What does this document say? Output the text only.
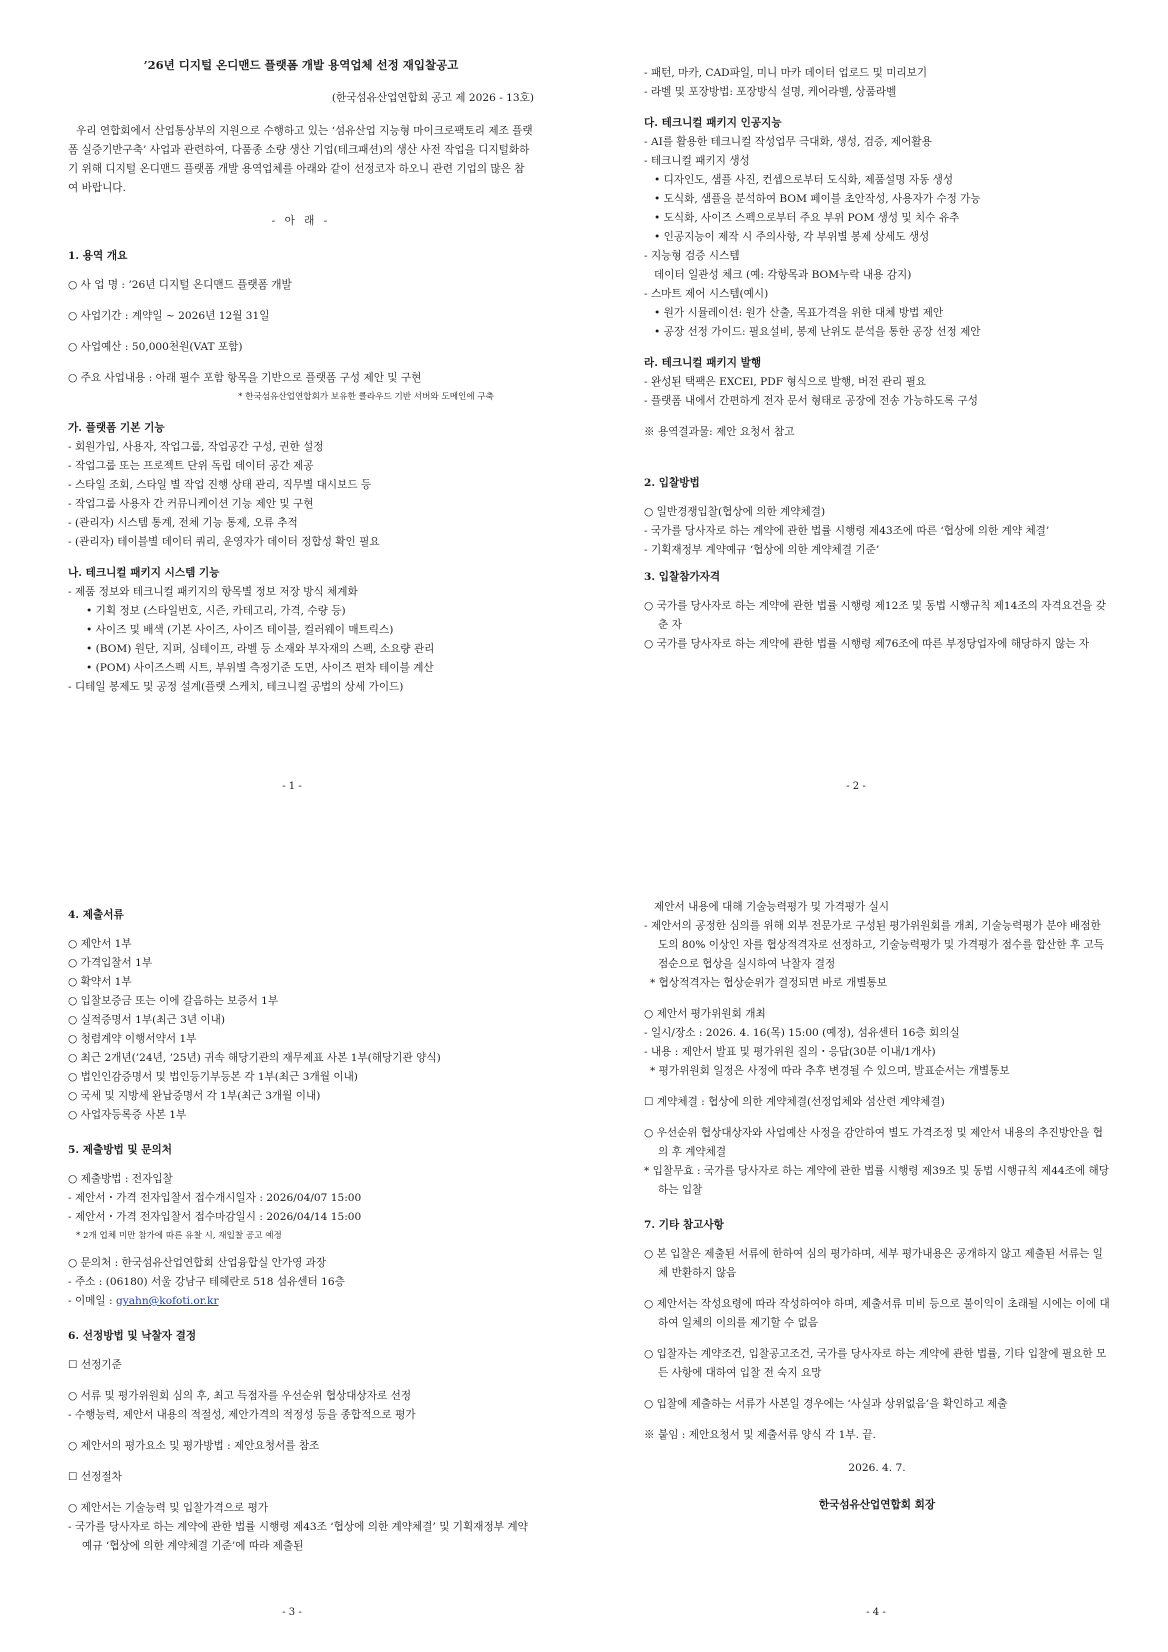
’26년 디지털 온디맨드 플랫폼 개발 용역업체 선정 재입찰공고
(한국섬유산업연합회 공고 제 2026 - 13호)
우리 연합회에서 산업통상부의 지원으로 수행하고 있는 ‘섬유산업 지능형 마이크로팩토리 제조 플랫폼 실증기반구축’ 사업과 관련하여, 다품종 소량 생산 기업(테크패션)의 생산 사전 작업을 디지털화하기 위해 디지털 온디맨드 플랫폼 개발 용역업체를 아래와 같이 선정코자 하오니 관련 기업의 많은 참여 바랍니다.
- 아 래 -
1. 용역 개요
○ 사 업 명 : ’26년 디지털 온디맨드 플랫폼 개발
○ 사업기간 : 계약일 ~ 2026년 12월 31일
○ 사업예산 : 50,000천원(VAT 포함)
○ 주요 사업내용 : 아래 필수 포함 항목을 기반으로 플랫폼 구성 제안 및 구현
* 한국섬유산업연합회가 보유한 클라우드 기반 서버와 도메인에 구축
가. 플랫폼 기본 기능
- 회원가입, 사용자, 작업그룹, 작업공간 구성, 권한 설정
- 작업그룹 또는 프로젝트 단위 독립 데이터 공간 제공
- 스타일 조회, 스타일 별 작업 진행 상태 관리, 직무별 대시보드 등
- 작업그룹 사용자 간 커뮤니케이션 기능 제안 및 구현
- (관리자) 시스템 통계, 전체 기능 통제, 오류 추적
- (관리자) 테이블별 데이터 쿼리, 운영자가 데이터 정합성 확인 필요
나. 테크니컬 패키지 시스템 기능
- 제품 정보와 테크니컬 패키지의 항목별 정보 저장 방식 체계화
• 기획 정보 (스타일번호, 시즌, 카테고리, 가격, 수량 등)
• 사이즈 및 배색 (기본 사이즈, 사이즈 테이블, 컬러웨이 매트릭스)
• (BOM) 원단, 지퍼, 심테이프, 라벨 등 소재와 부자재의 스펙, 소요량 관리
• (POM) 사이즈스펙 시트, 부위별 측정기준 도면, 사이즈 편차 테이블 계산
- 디테일 봉제도 및 공정 설계(플랫 스케치, 테크니컬 공법의 상세 가이드)
- 1 -
- 패턴, 마카, CAD파일, 미니 마카 데이터 업로드 및 미리보기
- 라벨 및 포장방법: 포장방식 설명, 케어라벨, 상품라벨
다. 테크니컬 패키지 인공지능
- AI를 활용한 테크니컬 작성업무 극대화, 생성, 검증, 제어활용
- 테크니컬 패키지 생성
• 디자인도, 샘플 사진, 컨셉으로부터 도식화, 제품설명 자동 생성
• 도식화, 샘플을 분석하여 BOM 페이블 초안작성, 사용자가 수정 가능
• 도식화, 사이즈 스펙으로부터 주요 부위 POM 생성 및 치수 유추
• 인공지능이 제작 시 주의사항, 각 부위별 봉제 상세도 생성
- 지능형 검증 시스템
데이터 일관성 체크 (예: 각항목과 BOM누락 내용 감지)
- 스마트 제어 시스템(예시)
• 원가 시뮬레이션: 원가 산출, 목표가격을 위한 대체 방법 제안
• 공장 선정 가이드: 필요설비, 봉제 난위도 분석을 통한 공장 선정 제안
라. 테크니컬 패키지 발행
- 완성된 택팩은 EXCEl, PDF 형식으로 발행, 버전 관리 필요
- 플랫폼 내에서 간편하게 전자 문서 형태로 공장에 전송 가능하도록 구성
※ 용역결과물: 제안 요청서 참고
2. 입찰방법
○ 일반경쟁입찰(협상에 의한 계약체결)
- 국가를 당사자로 하는 계약에 관한 법률 시행령 제43조에 따른 ‘협상에 의한 계약 체결’
- 기획재정부 계약예규 ‘협상에 의한 계약체결 기준’
3. 입찰참가자격
○ 국가를 당사자로 하는 계약에 관한 법률 시행령 제12조 및 동법 시행규칙 제14조의 자격요건을 갖춘 자
○ 국가를 당사자로 하는 계약에 관한 법률 시행령 제76조에 따른 부정당업자에 해당하지 않는 자
- 2 -
4. 제출서류
○ 제안서 1부
○ 가격입찰서 1부
○ 확약서 1부
○ 입찰보증금 또는 이에 갈음하는 보증서 1부
○ 실적증명서 1부(최근 3년 이내)
○ 청렴계약 이행서약서 1부
○ 최근 2개년(’24년, ’25년) 귀속 해당기관의 재무제표 사본 1부(해당기관 양식)
○ 법인인감증명서 및 법인등기부등본 각 1부(최근 3개월 이내)
○ 국세 및 지방세 완납증명서 각 1부(최근 3개월 이내)
○ 사업자등록증 사본 1부
5. 제출방법 및 문의처
○ 제출방법 : 전자입찰
- 제안서・가격 전자입찰서 접수개시일자 : 2026/04/07 15:00
- 제안서・가격 전자입찰서 접수마감일시 : 2026/04/14 15:00
* 2개 업체 미만 참가에 따른 유찰 시, 재입찰 공고 예정
○ 문의처 : 한국섬유산업연합회 산업융합실 안가영 과장
- 주소 : (06180) 서울 강남구 테헤란로 518 섬유센터 16층
- 이메일 : gyahn@kofoti.or.kr
6. 선정방법 및 낙찰자 결정
☐ 선정기준
○ 서류 및 평가위원회 심의 후, 최고 득점자를 우선순위 협상대상자로 선정
- 수행능력, 제안서 내용의 적절성, 제안가격의 적정성 등을 종합적으로 평가
○ 제안서의 평가요소 및 평가방법 : 제안요청서를 참조
☐ 선정절차
○ 제안서는 기술능력 및 입찰가격으로 평가
- 국가를 당사자로 하는 계약에 관한 법률 시행령 제43조 ‘협상에 의한 계약체결’ 및 기획재정부 계약예규 ‘협상에 의한 계약체결 기준’에 따라 제출된
- 3 -
제안서 내용에 대해 기술능력평가 및 가격평가 실시
- 제안서의 공정한 심의를 위해 외부 전문가로 구성된 평가위원회를 개최, 기술능력평가 분야 배점한도의 80% 이상인 자를 협상적격자로 선정하고, 기술능력평가 및 가격평가 점수를 합산한 후 고득점순으로 협상을 실시하여 낙찰자 결정
* 협상적격자는 협상순위가 결정되면 바로 개별통보
○ 제안서 평가위원회 개최
- 일시/장소 : 2026. 4. 16(목) 15:00 (예정), 섬유센터 16층 회의실
- 내용 : 제안서 발표 및 평가위원 질의・응답(30분 이내/1개사)
* 평가위원회 일정은 사정에 따라 추후 변경될 수 있으며, 발표순서는 개별통보
☐ 계약체결 : 협상에 의한 계약체결(선정업체와 섬산련 계약체결)
○ 우선순위 협상대상자와 사업예산 사정을 감안하여 별도 가격조정 및 제안서 내용의 추진방안을 협의 후 계약체결
* 입찰무효 : 국가를 당사자로 하는 계약에 관한 법률 시행령 제39조 및 동법 시행규칙 제44조에 해당하는 입찰
7. 기타 참고사항
○ 본 입찰은 제출된 서류에 한하여 심의 평가하며, 세부 평가내용은 공개하지 않고 제출된 서류는 일체 반환하지 않음
○ 제안서는 작성요령에 따라 작성하여야 하며, 제출서류 미비 등으로 불이익이 초래될 시에는 이에 대하여 일체의 이의를 제기할 수 없음
○ 입찰자는 계약조건, 입찰공고조건, 국가를 당사자로 하는 계약에 관한 법률, 기타 입찰에 필요한 모든 사항에 대하여 입찰 전 숙지 요망
○ 입찰에 제출하는 서류가 사본일 경우에는 ‘사실과 상위없음’을 확인하고 제출
※ 붙임 : 제안요청서 및 제출서류 양식 각 1부. 끝.
2026. 4. 7.
한국섬유산업연합회 회장
- 4 -
